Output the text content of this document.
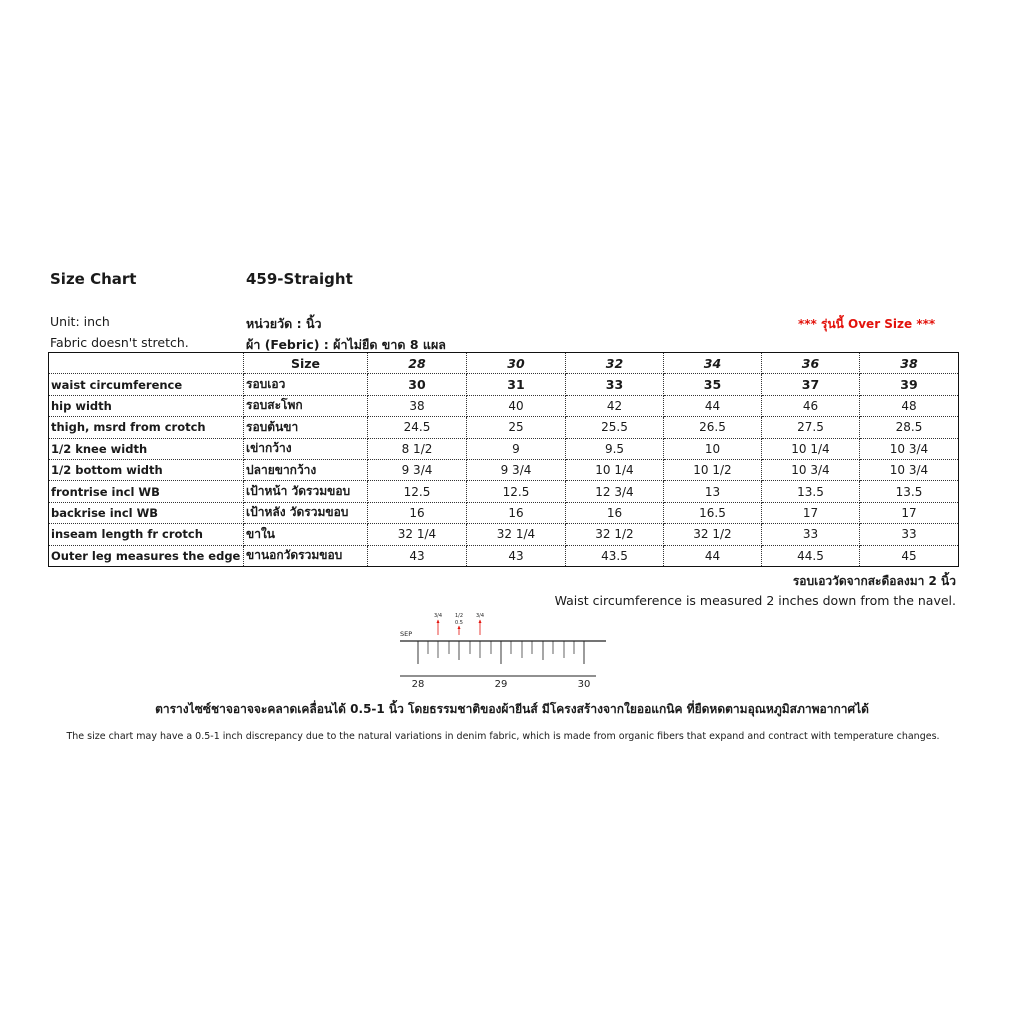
Size Chart	459-Straight
Unit: inch	หน่วยวัด : นิ้ว	*** รุ่นนี้ Over Size ***
Fabric doesn't stretch.	ผ้า (Febric) : ผ้าไม่ยืด ขาด 8 แผล
	Size	28	30	32	34	36	38
waist circumference	รอบเอว	30	31	33	35	37	39
hip width	รอบสะโพก	38	40	42	44	46	48
thigh, msrd from crotch	รอบต้นขา	24.5	25	25.5	26.5	27.5	28.5
1/2 knee width	เข่ากว้าง	8 1/2	9	9.5	10	10 1/4	10 3/4
1/2 bottom width	ปลายขากว้าง	9 3/4	9 3/4	10 1/4	10 1/2	10 3/4	10 3/4
frontrise incl WB	เป้าหน้า วัดรวมขอบ	12.5	12.5	12 3/4	13	13.5	13.5
backrise incl WB	เป้าหลัง วัดรวมขอบ	16	16	16	16.5	17	17
inseam length fr crotch	ขาใน	32 1/4	32 1/4	32 1/2	32 1/2	33	33
Outer leg measures the edge	ขานอกวัดรวมขอบ	43	43	43.5	44	44.5	45
รอบเอววัดจากสะดือลงมา 2 นิ้ว
Waist circumference is measured 2 inches down from the navel.
3/4	1/2
0.5
3/4
SEP
28	29	30
ตารางไซซ์ชาจอาจจะคลาดเคลื่อนได้ 0.5-1 นิ้ว โดยธรรมชาติของผ้ายีนส์ มีโครงสร้างจากใยออแกนิค ที่ยืดหดตามอุณหภูมิสภาพอากาศได้
The size chart may have a 0.5-1 inch discrepancy due to the natural variations in denim fabric, which is made from organic fibers that expand and contract with temperature changes.
